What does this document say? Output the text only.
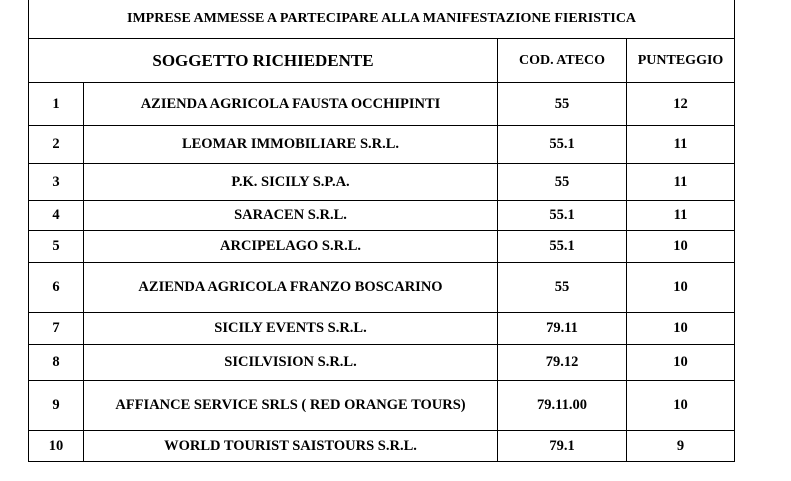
IMPRESE AMMESSE A PARTECIPARE ALLA MANIFESTAZIONE FIERISTICA			
SOGGETTO RICHIEDENTE		COD. ATECO	PUNTEGGIO
1	AZIENDA AGRICOLA FAUSTA OCCHIPINTI	55	12
2	LEOMAR IMMOBILIARE S.R.L.	55.1	11
3	P.K. SICILY S.P.A.	55	11
4	SARACEN S.R.L.	55.1	11
5	ARCIPELAGO S.R.L.	55.1	10
6	AZIENDA AGRICOLA FRANZO BOSCARINO	55	10
7	SICILY EVENTS S.R.L.	79.11	10
8	SICILVISION S.R.L.	79.12	10
9	AFFIANCE SERVICE SRLS ( RED ORANGE TOURS)	79.11.00	10
10	WORLD TOURIST SAISTOURS S.R.L.	79.1	9
